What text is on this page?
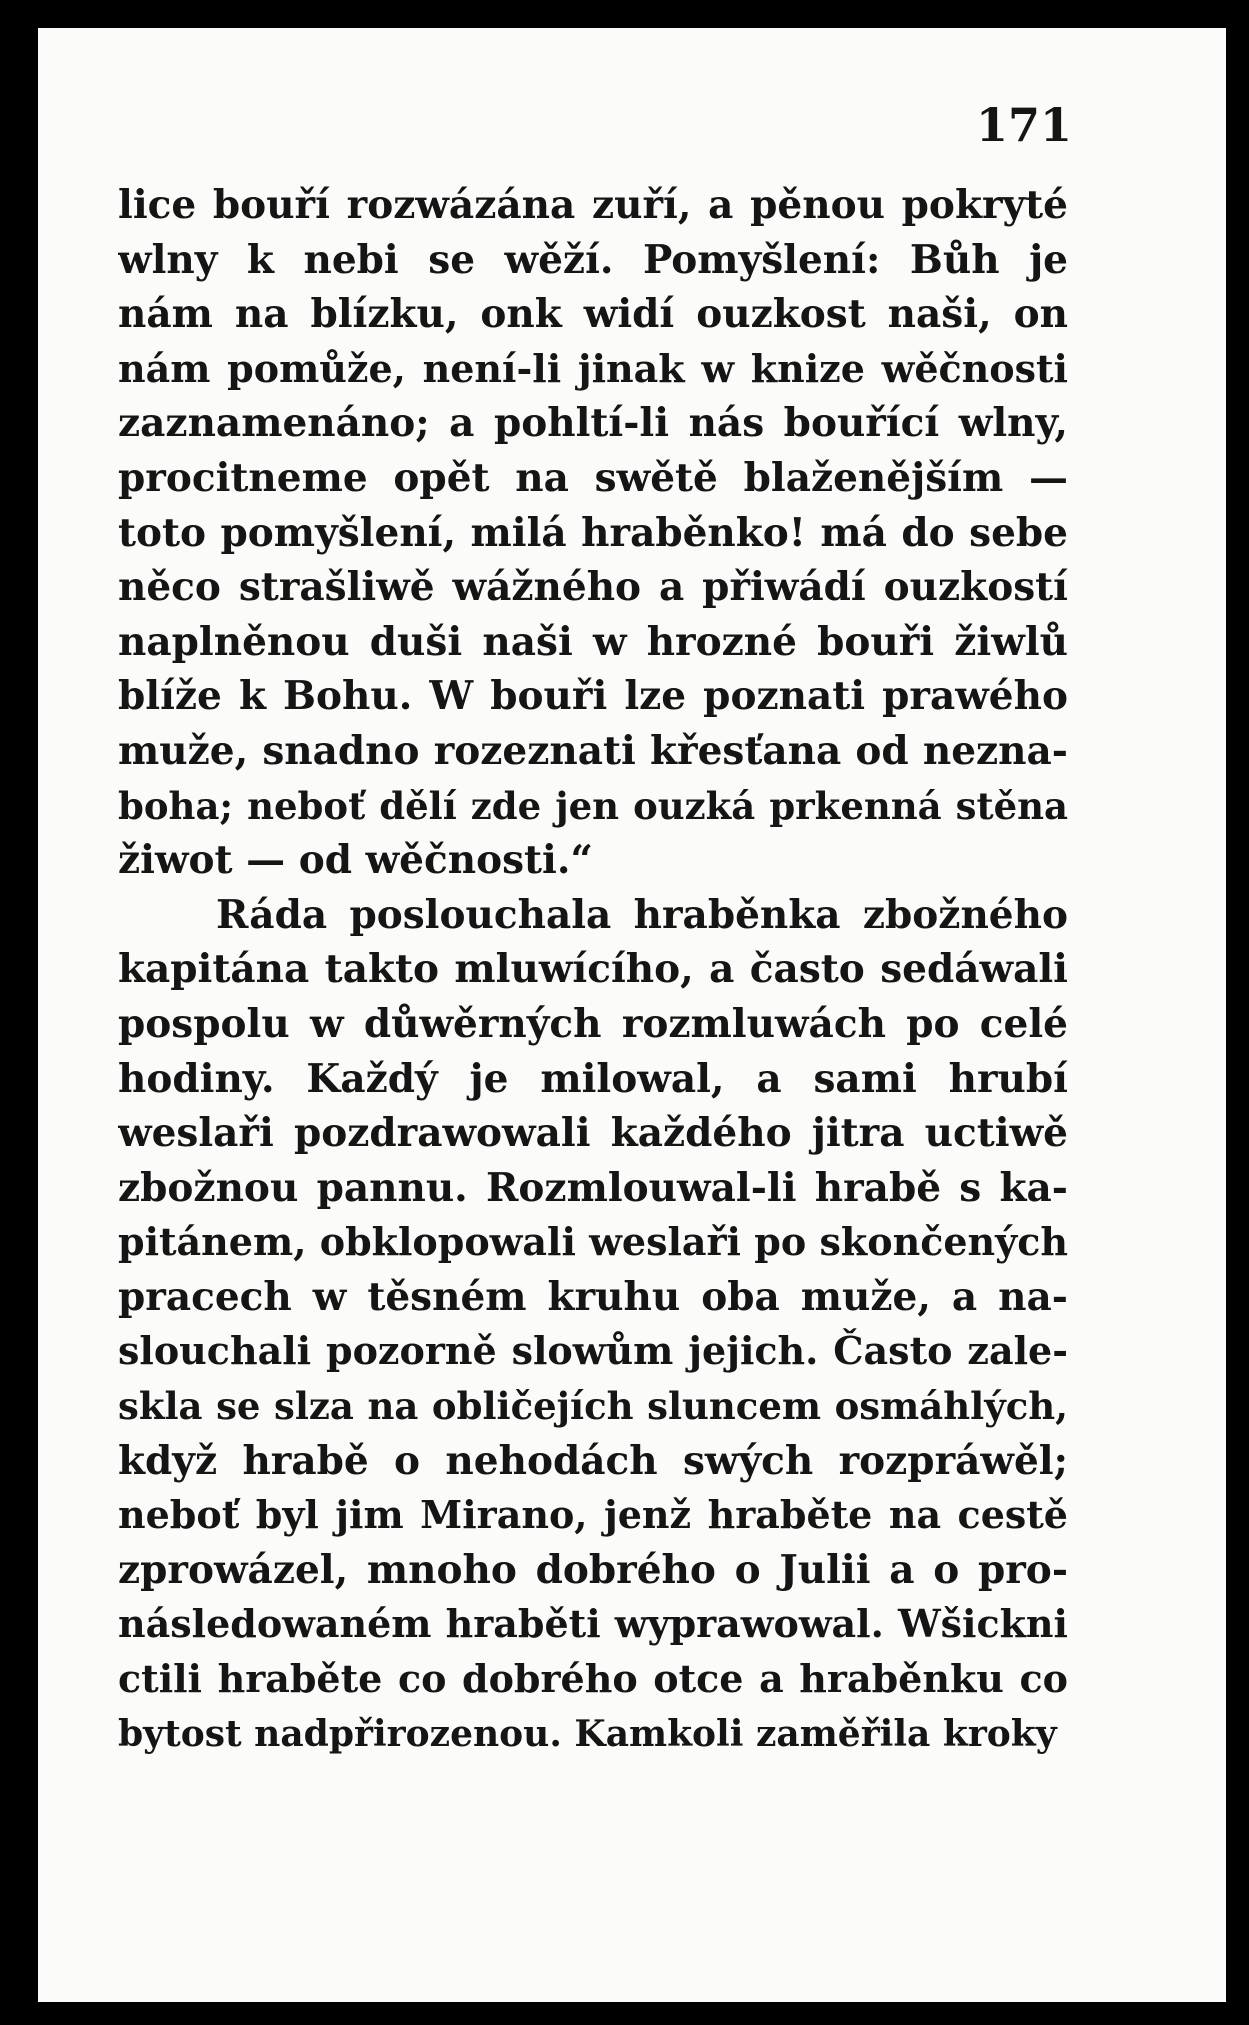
171
lice bouří rozwázána zuří, a pěnou pokryté
wlny k nebi se wěží. Pomyšlení: Bůh je
nám na blízku, onk widí ouzkost naši, on
nám pomůže, není-li jinak w knize wěčnosti
zaznamenáno; a pohltí-li nás bouřící wlny,
procitneme opět na swětě blaženějším —
toto pomyšlení, milá hraběnko! má do sebe
něco strašliwě wážného a přiwádí ouzkostí
naplněnou duši naši w hrozné bouři žiwlů
blíže k Bohu. W bouři lze poznati prawého
muže, snadno rozeznati křesťana od nezna-
boha; neboť dělí zde jen ouzká prkenná stěna
žiwot — od wěčnosti.“
Ráda poslouchala hraběnka zbožného
kapitána takto mluwícího, a často sedáwali
pospolu w důwěrných rozmluwách po celé
hodiny. Každý je milowal, a sami hrubí
weslaři pozdrawowali každého jitra uctiwě
zbožnou pannu. Rozmlouwal-li hrabě s ka-
pitánem, obklopowali weslaři po skončených
pracech w těsném kruhu oba muže, a na-
slouchali pozorně slowům jejich. Často zale-
skla se slza na obličejích sluncem osmáhlých,
když hrabě o nehodách swých rozpráwěl;
neboť byl jim Mirano, jenž hraběte na cestě
zprowázel, mnoho dobrého o Julii a o pro-
následowaném hraběti wyprawowal. Wšickni
ctili hraběte co dobrého otce a hraběnku co
bytost nadpřirozenou. Kamkoli zaměřila kroky
